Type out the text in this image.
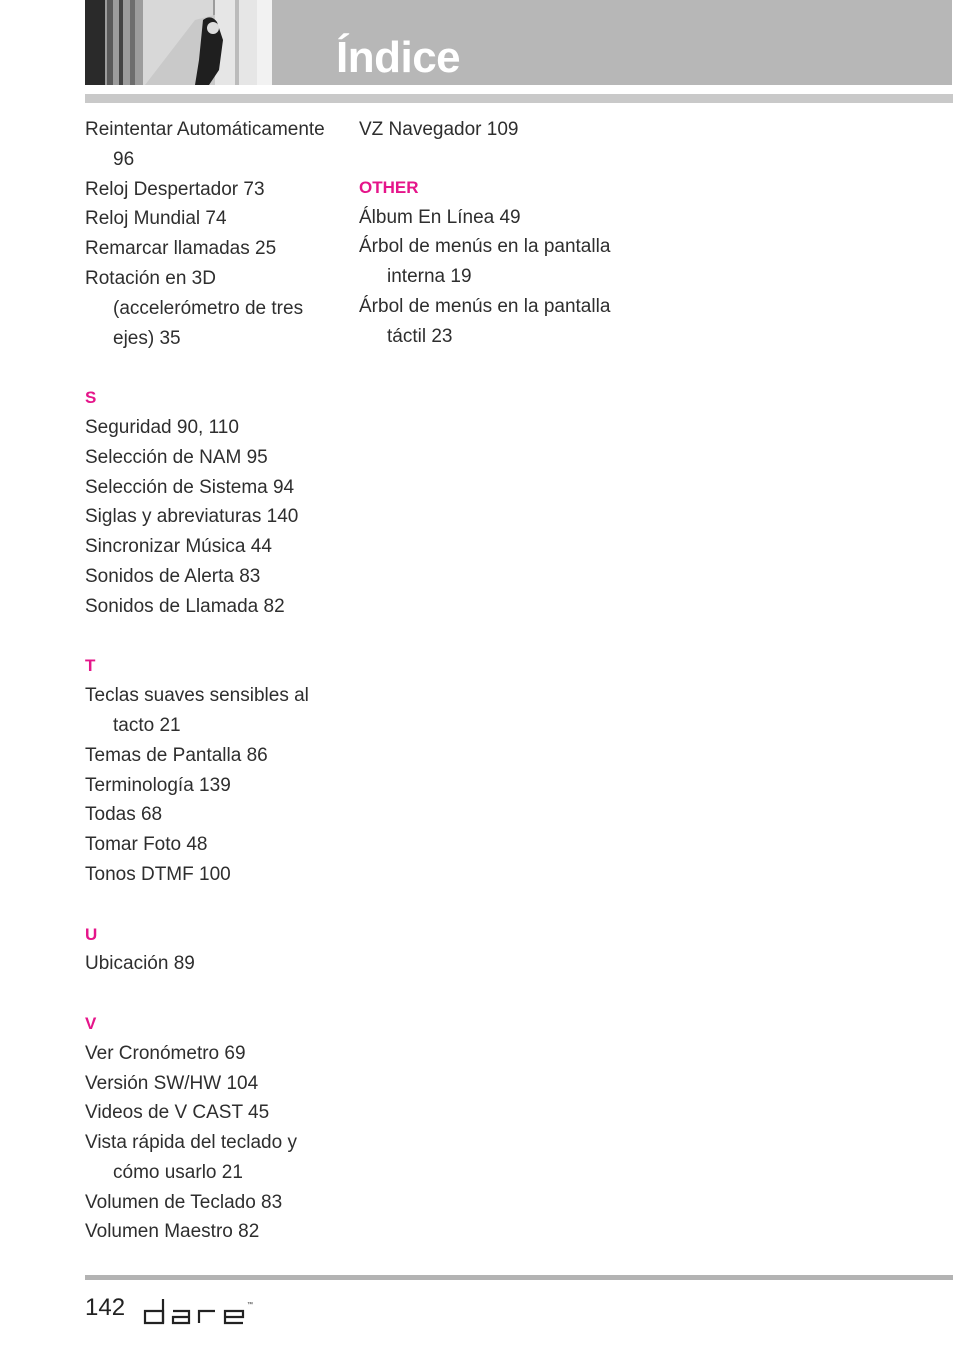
Índice

Reintentar Automáticamente 96

Reloj Despertador 73

Reloj Mundial 74

Remarcar llamadas 25

Rotación en 3D (accelerómetro de tres ejes) 35

S

Seguridad 90, 110

Selección de NAM 95

Selección de Sistema 94

Siglas y abreviaturas 140

Sincronizar Música 44

Sonidos de Alerta 83

Sonidos de Llamada 82

T

Teclas suaves sensibles al tacto 21

Temas de Pantalla 86

Terminología 139

Todas 68

Tomar Foto 48

Tonos DTMF 100

U

Ubicación 89

V

Ver Cronómetro 69

Versión SW/HW 104

Videos de V CAST 45

Vista rápida del teclado y cómo usarlo 21

Volumen de Teclado 83

Volumen Maestro 82

VZ Navegador 109

OTHER

Álbum En Línea 49

Árbol de menús en la pantalla interna 19

Árbol de menús en la pantalla táctil 23

142	™
